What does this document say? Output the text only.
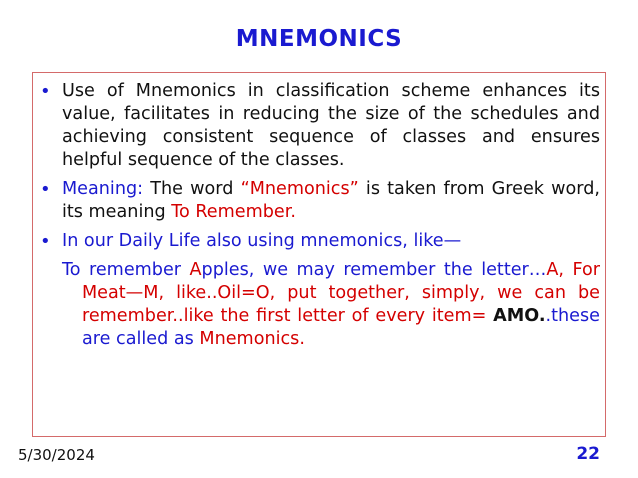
MNEMONICS
• Use of Mnemonics in classification scheme enhances its value, facilitates in reducing the size of the schedules and achieving consistent sequence of classes and ensures helpful sequence of the classes.
• Meaning: The word “Mnemonics” is taken from Greek word, its meaning To Remember.
• In our Daily Life also using mnemonics, like—
To remember Apples, we may remember the letter…A, For Meat—M, like..Oil=O, put together, simply, we can be remember..like the first letter of every item= AMO..these are called as Mnemonics.
5/30/2024	22
